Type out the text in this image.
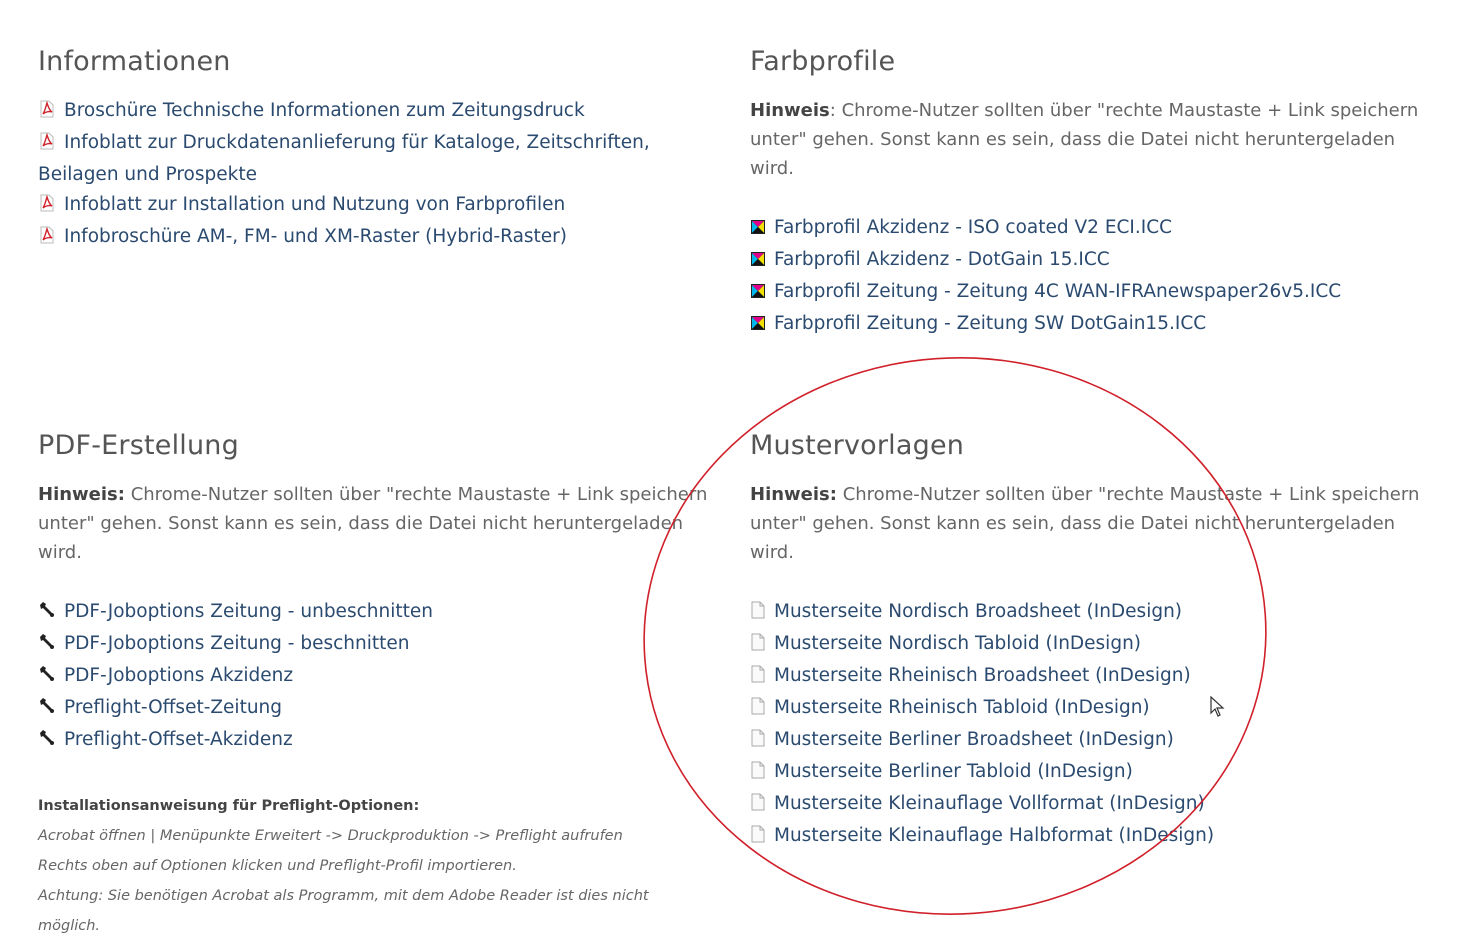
Informationen
Broschüre Technische Informationen zum Zeitungsdruck
Infoblatt zur Druckdatenanlieferung für Kataloge, Zeitschriften, Beilagen und Prospekte
Infoblatt zur Installation und Nutzung von Farbprofilen
Infobroschüre AM-, FM- und XM-Raster (Hybrid-Raster)
Farbprofile

Hinweis: Chrome-Nutzer sollten über "rechte Maustaste + Link speichern unter" gehen. Sonst kann es sein, dass die Datei nicht heruntergeladen wird.

Farbprofil Akzidenz - ISO coated V2 ECI.ICC
Farbprofil Akzidenz - DotGain 15.ICC
Farbprofil Zeitung - Zeitung 4C WAN-IFRAnewspaper26v5.ICC
Farbprofil Zeitung - Zeitung SW DotGain15.ICC
PDF-Erstellung

Hinweis: Chrome-Nutzer sollten über "rechte Maustaste + Link speichern unter" gehen. Sonst kann es sein, dass die Datei nicht heruntergeladen wird.

PDF-Joboptions Zeitung - unbeschnitten
PDF-Joboptions Zeitung - beschnitten
PDF-Joboptions Akzidenz
Preflight-Offset-Zeitung
Preflight-Offset-Akzidenz
Installationsanweisung für Preflight-Optionen:
Acrobat öffnen | Menüpunkte Erweitert -> Druckproduktion -> Preflight aufrufen
Rechts oben auf Optionen klicken und Preflight-Profil importieren.
Achtung: Sie benötigen Acrobat als Programm, mit dem Adobe Reader ist dies nicht
möglich.
Mustervorlagen

Hinweis: Chrome-Nutzer sollten über "rechte Maustaste + Link speichern unter" gehen. Sonst kann es sein, dass die Datei nicht heruntergeladen wird.

Musterseite Nordisch Broadsheet (InDesign)
Musterseite Nordisch Tabloid (InDesign)
Musterseite Rheinisch Broadsheet (InDesign)
Musterseite Rheinisch Tabloid (InDesign)
Musterseite Berliner Broadsheet (InDesign)
Musterseite Berliner Tabloid (InDesign)
Musterseite Kleinauflage Vollformat (InDesign)
Musterseite Kleinauflage Halbformat (InDesign)
